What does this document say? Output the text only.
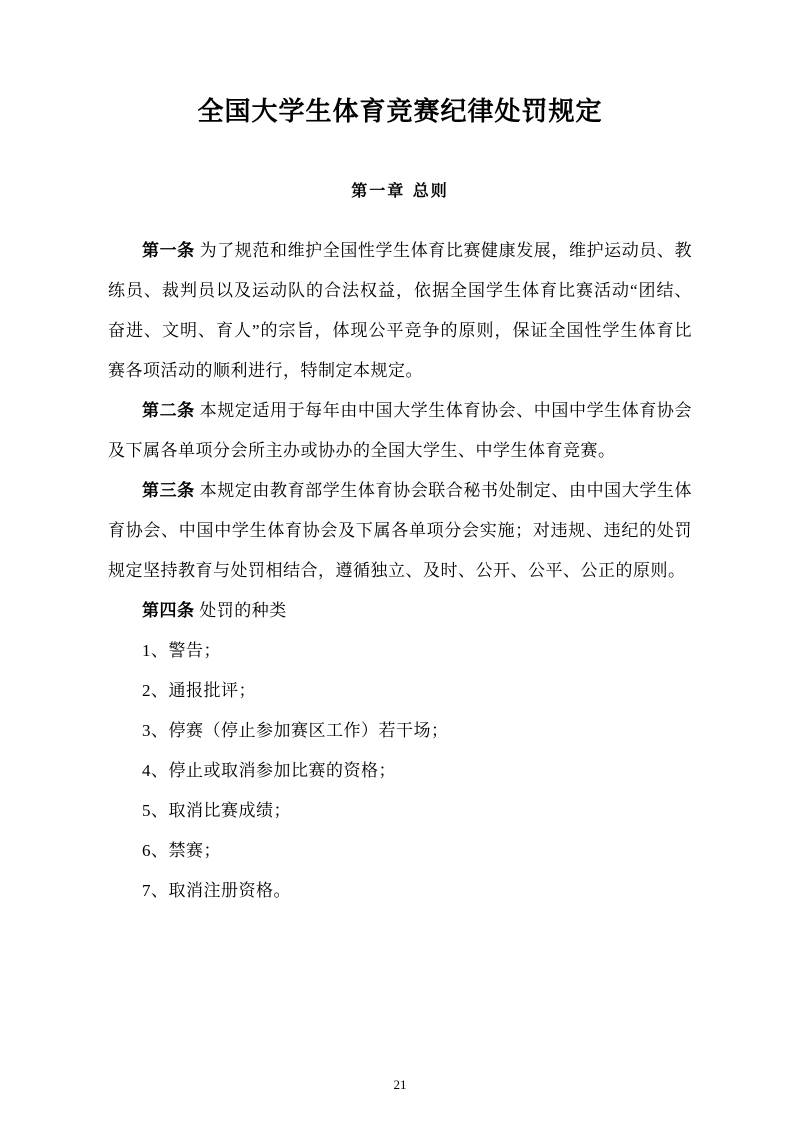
全国大学生体育竞赛纪律处罚规定
第一章 总则

第一条 为了规范和维护全国性学生体育比赛健康发展，维护运动员、教练员、裁判员以及运动队的合法权益，依据全国学生体育比赛活动“团结、奋进、文明、育人”的宗旨，体现公平竞争的原则，保证全国性学生体育比赛各项活动的顺利进行，特制定本规定。

第二条 本规定适用于每年由中国大学生体育协会、中国中学生体育协会及下属各单项分会所主办或协办的全国大学生、中学生体育竞赛。

第三条 本规定由教育部学生体育协会联合秘书处制定、由中国大学生体育协会、中国中学生体育协会及下属各单项分会实施；对违规、违纪的处罚规定坚持教育与处罚相结合，遵循独立、及时、公开、公平、公正的原则。

第四条 处罚的种类

1、警告；

2、通报批评；

3、停赛（停止参加赛区工作）若干场；

4、停止或取消参加比赛的资格；

5、取消比赛成绩；

6、禁赛；

7、取消注册资格。

21
